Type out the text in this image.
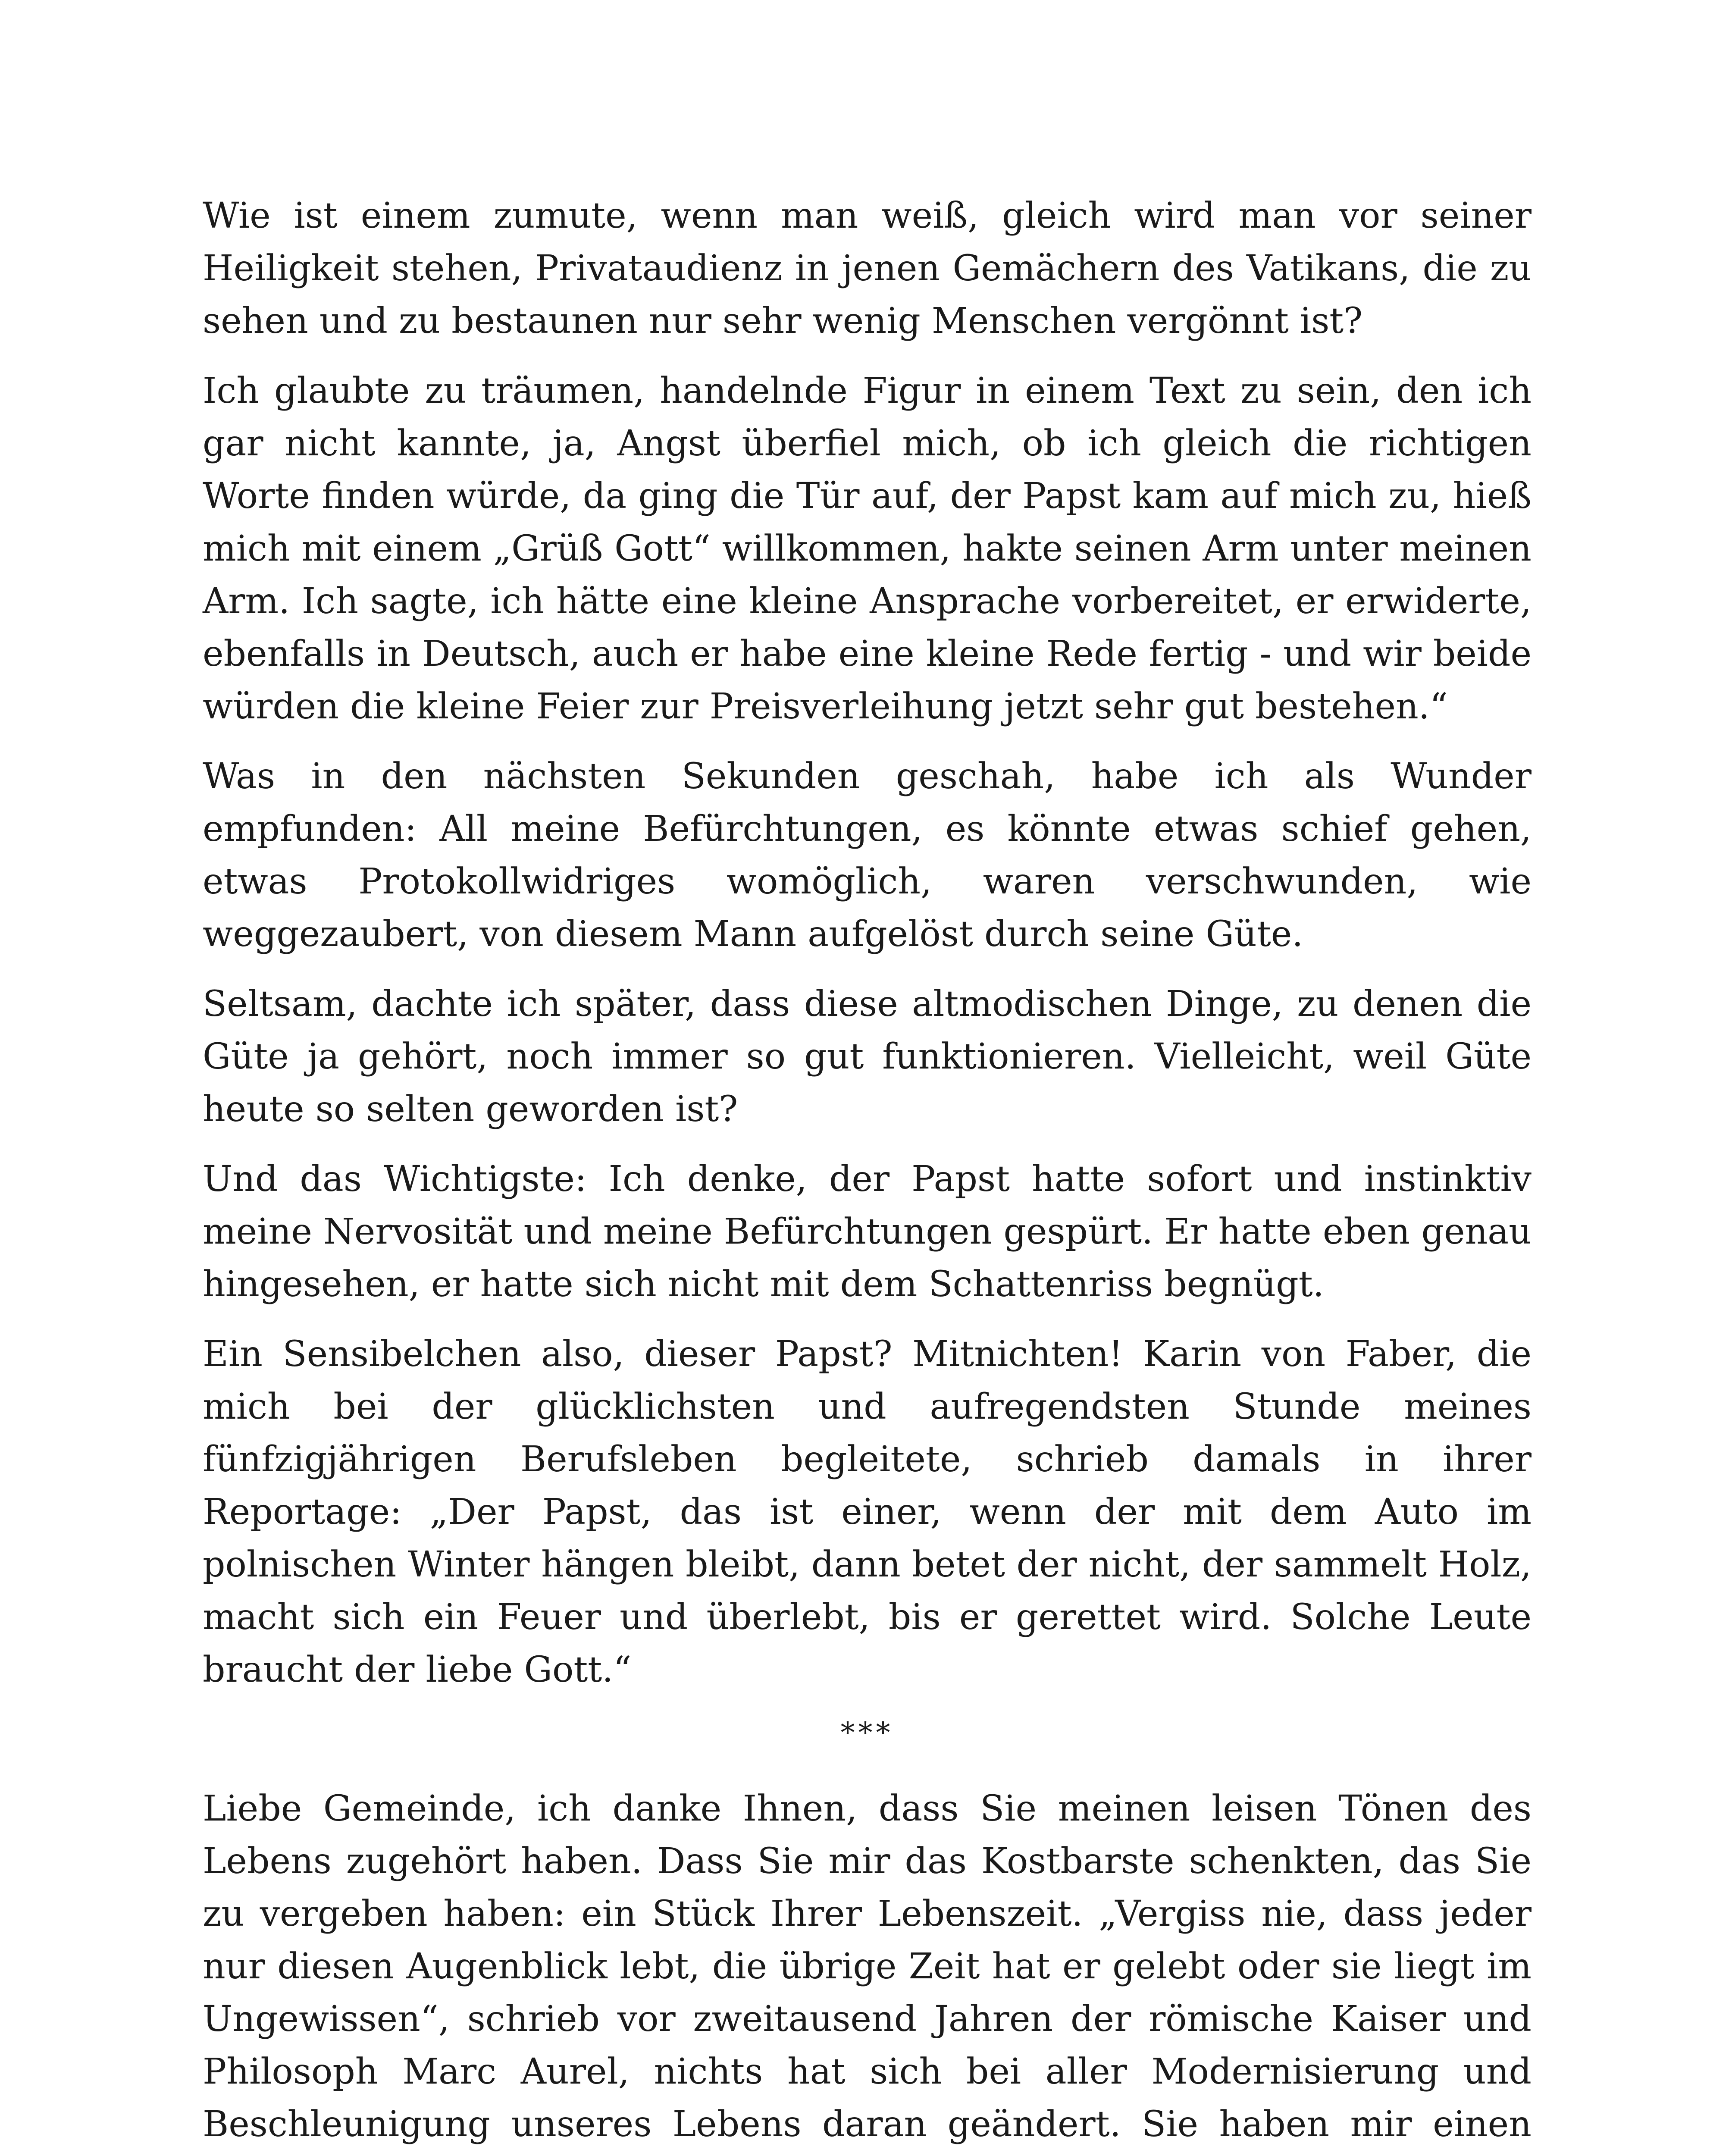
Wie ist einem zumute, wenn man weiß, gleich wird man vor seiner Heiligkeit stehen, Privataudienz in jenen Gemächern des Vatikans, die zu sehen und zu bestaunen nur sehr wenig Menschen vergönnt ist?

Ich glaubte zu träumen, handelnde Figur in einem Text zu sein, den ich gar nicht kannte, ja, Angst überfiel mich, ob ich gleich die richtigen Worte finden würde, da ging die Tür auf, der Papst kam auf mich zu, hieß mich mit einem „Grüß Gott“ willkommen, hakte seinen Arm unter meinen Arm. Ich sagte, ich hätte eine kleine Ansprache vorbereitet, er erwiderte, ebenfalls in Deutsch, auch er habe eine kleine Rede fertig - und wir beide würden die kleine Feier zur Preisverleihung jetzt sehr gut bestehen.“

Was in den nächsten Sekunden geschah, habe ich als Wunder empfunden: All meine Befürchtungen, es könnte etwas schief gehen, etwas Protokollwidriges womöglich, waren verschwunden, wie weggezaubert, von diesem Mann aufgelöst durch seine Güte.

Seltsam, dachte ich später, dass diese altmodischen Dinge, zu denen die Güte ja gehört, noch immer so gut funktionieren. Vielleicht, weil Güte heute so selten geworden ist?

Und das Wichtigste: Ich denke, der Papst hatte sofort und instinktiv meine Nervosität und meine Befürchtungen gespürt. Er hatte eben genau hingesehen, er hatte sich nicht mit dem Schattenriss begnügt.

Ein Sensibelchen also, dieser Papst? Mitnichten! Karin von Faber, die mich bei der glücklichsten und aufregendsten Stunde meines fünfzigjährigen Berufsleben begleitete, schrieb damals in ihrer Reportage: „Der Papst, das ist einer, wenn der mit dem Auto im polnischen Winter hängen bleibt, dann betet der nicht, der sammelt Holz, macht sich ein Feuer und überlebt, bis er gerettet wird. Solche Leute braucht der liebe Gott.“

***

Liebe Gemeinde, ich danke Ihnen, dass Sie meinen leisen Tönen des Lebens zugehört haben. Dass Sie mir das Kostbarste schenkten, das Sie zu vergeben haben: ein Stück Ihrer Lebenszeit. „Vergiss nie, dass jeder nur diesen Augenblick lebt, die übrige Zeit hat er gelebt oder sie liegt im Ungewissen“, schrieb vor zweitausend Jahren der römische Kaiser und Philosoph Marc Aurel, nichts hat sich bei aller Modernisierung und Beschleunigung unseres Lebens daran geändert. Sie haben mir einen
